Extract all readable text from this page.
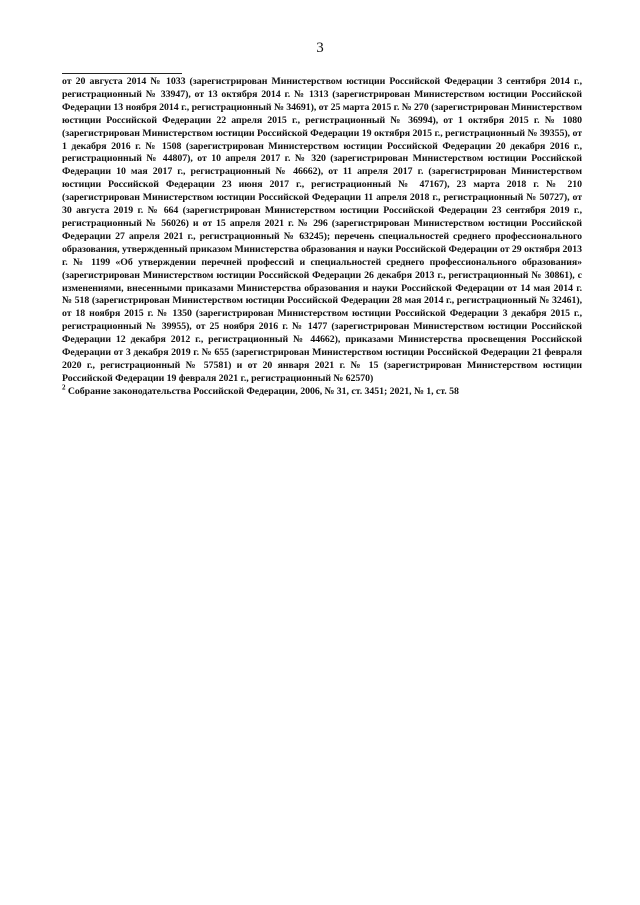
3

от 20 августа 2014 № 1033 (зарегистрирован Министерством юстиции Российской Федерации 3 сентября 2014 г., регистрационный № 33947), от 13 октября 2014 г. № 1313 (зарегистрирован Министерством юстиции Российской Федерации 13 ноября 2014 г., регистрационный № 34691), от 25 марта 2015 г. № 270 (зарегистрирован Министерством юстиции Российской Федерации 22 апреля 2015 г., регистрационный № 36994), от 1 октября 2015 г. № 1080 (зарегистрирован Министерством юстиции Российской Федерации 19 октября 2015 г., регистрационный № 39355), от 1 декабря 2016 г. № 1508 (зарегистрирован Министерством юстиции Российской Федерации 20 декабря 2016 г., регистрационный № 44807), от 10 апреля 2017 г. № 320 (зарегистрирован Министерством юстиции Российской Федерации 10 мая 2017 г., регистрационный № 46662), от 11 апреля 2017 г. (зарегистрирован Министерством юстиции Российской Федерации 23 июня 2017 г., регистрационный № 47167), 23 марта 2018 г. № 210 (зарегистрирован Министерством юстиции Российской Федерации 11 апреля 2018 г., регистрационный № 50727), от 30 августа 2019 г. № 664 (зарегистрирован Министерством юстиции Российской Федерации 23 сентября 2019 г., регистрационный № 56026) и от 15 апреля 2021 г. № 296 (зарегистрирован Министерством юстиции Российской Федерации 27 апреля 2021 г., регистрационный № 63245); перечень специальностей среднего профессионального образования, утвержденный приказом Министерства образования и науки Российской Федерации от 29 октября 2013 г. № 1199 «Об утверждении перечней профессий и специальностей среднего профессионального образования» (зарегистрирован Министерством юстиции Российской Федерации 26 декабря 2013 г., регистрационный № 30861), с изменениями, внесенными приказами Министерства образования и науки Российской Федерации от 14 мая 2014 г. № 518 (зарегистрирован Министерством юстиции Российской Федерации 28 мая 2014 г., регистрационный № 32461), от 18 ноября 2015 г. № 1350 (зарегистрирован Министерством юстиции Российской Федерации 3 декабря 2015 г., регистрационный № 39955), от 25 ноября 2016 г. № 1477 (зарегистрирован Министерством юстиции Российской Федерации 12 декабря 2012 г., регистрационный № 44662), приказами Министерства просвещения Российской Федерации от 3 декабря 2019 г. № 655 (зарегистрирован Министерством юстиции Российской Федерации 21 февраля 2020 г., регистрационный № 57581) и от 20 января 2021 г. № 15 (зарегистрирован Министерством юстиции Российской Федерации 19 февраля 2021 г., регистрационный № 62570)

$^2$ Собрание законодательства Российской Федерации, 2006, № 31, ст. 3451; 2021, № 1, ст. 58
